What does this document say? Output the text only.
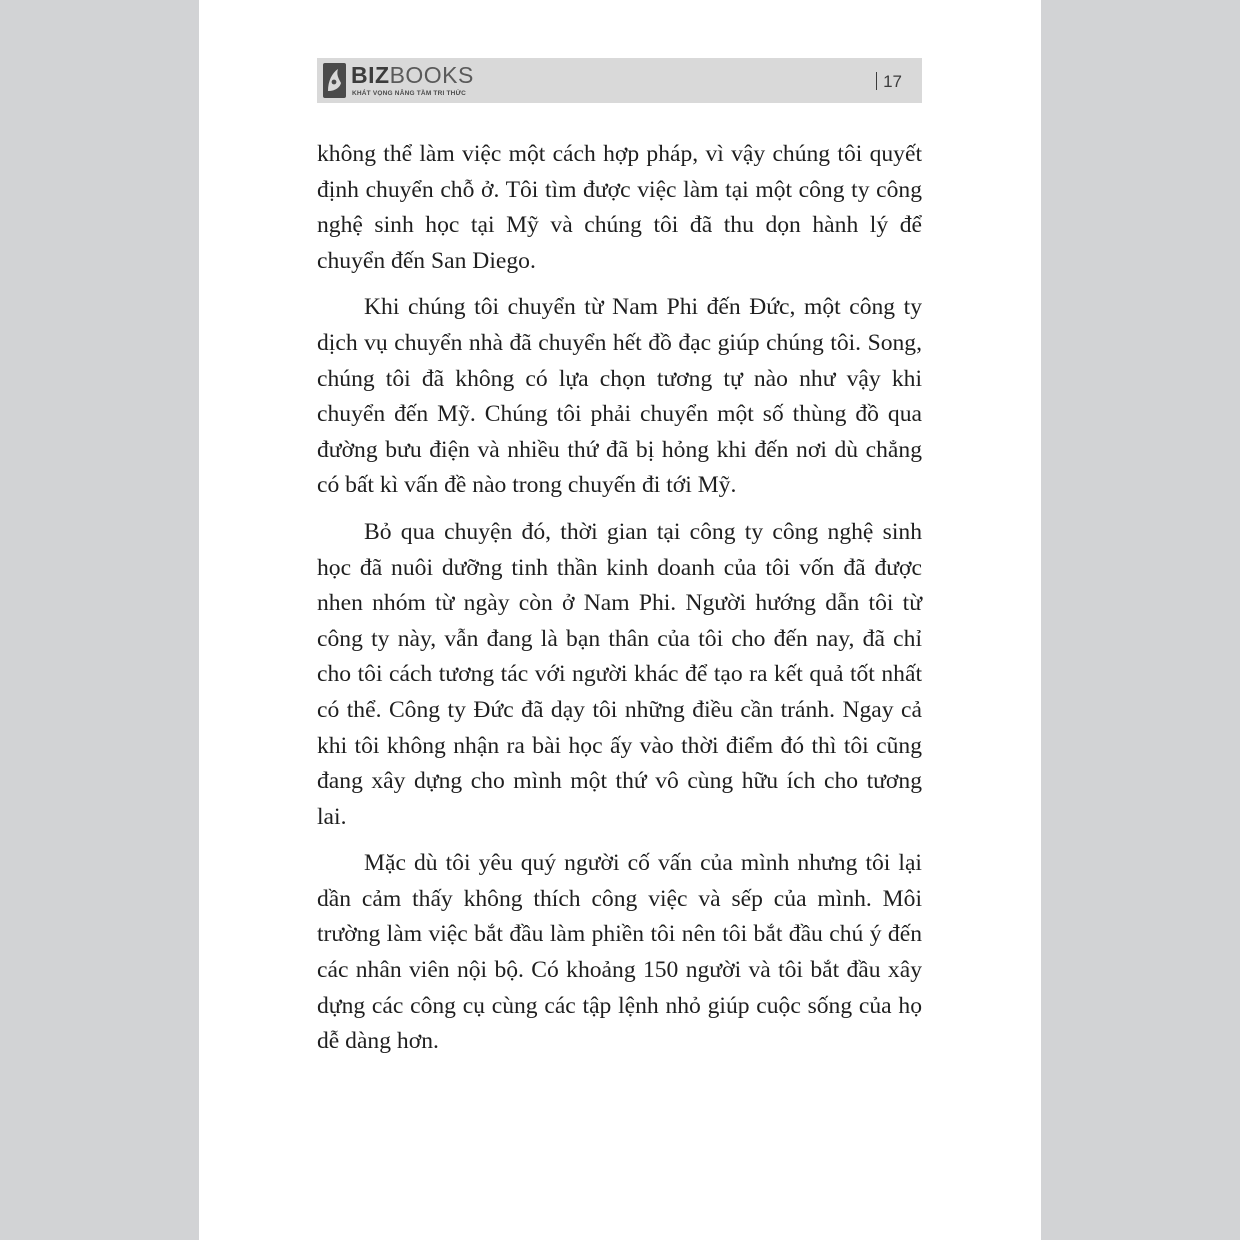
BIZBOOKS
KHÁT VỌNG NÂNG TẦM TRI THỨC
17

không thể làm việc một cách hợp pháp, vì vậy chúng tôi quyết định chuyển chỗ ở. Tôi tìm được việc làm tại một công ty công nghệ sinh học tại Mỹ và chúng tôi đã thu dọn hành lý để chuyển đến San Diego.

Khi chúng tôi chuyển từ Nam Phi đến Đức, một công ty dịch vụ chuyển nhà đã chuyển hết đồ đạc giúp chúng tôi. Song, chúng tôi đã không có lựa chọn tương tự nào như vậy khi chuyển đến Mỹ. Chúng tôi phải chuyển một số thùng đồ qua đường bưu điện và nhiều thứ đã bị hỏng khi đến nơi dù chẳng có bất kì vấn đề nào trong chuyến đi tới Mỹ.

Bỏ qua chuyện đó, thời gian tại công ty công nghệ sinh học đã nuôi dưỡng tinh thần kinh doanh của tôi vốn đã được nhen nhóm từ ngày còn ở Nam Phi. Người hướng dẫn tôi từ công ty này, vẫn đang là bạn thân của tôi cho đến nay, đã chỉ cho tôi cách tương tác với người khác để tạo ra kết quả tốt nhất có thể. Công ty Đức đã dạy tôi những điều cần tránh. Ngay cả khi tôi không nhận ra bài học ấy vào thời điểm đó thì tôi cũng đang xây dựng cho mình một thứ vô cùng hữu ích cho tương lai.

Mặc dù tôi yêu quý người cố vấn của mình nhưng tôi lại dần cảm thấy không thích công việc và sếp của mình. Môi trường làm việc bắt đầu làm phiền tôi nên tôi bắt đầu chú ý đến các nhân viên nội bộ. Có khoảng 150 người và tôi bắt đầu xây dựng các công cụ cùng các tập lệnh nhỏ giúp cuộc sống của họ dễ dàng hơn.
